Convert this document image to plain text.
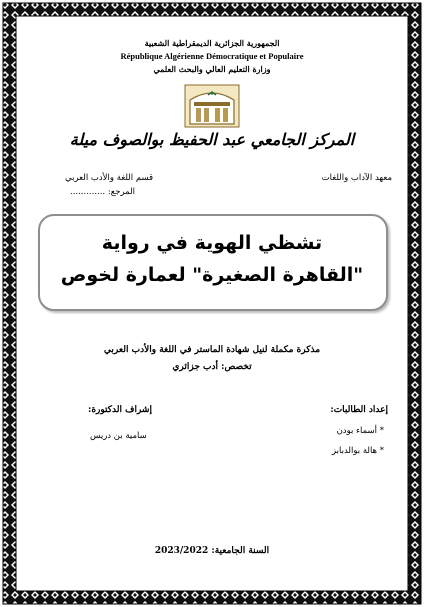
الجمهورية الجزائرية الديمقراطية الشعبية

République Algérienne Démocratique et Populaire

وزارة التعليم العالي والبحث العلمي

المركز الجامعي عبد الحفيظ بوالصوف ميلة

معهد الآداب واللغات

قسم اللغة والأدب العربي

المرجع: .............

تشظي الهوية في رواية

"القاهرة الصغيرة" لعمارة لخوص

مذكرة مكملة لنيل شهادة الماستر في اللغة والأدب العربي

تخصص: أدب جزائري

إعداد الطالبات:

* أسماء بودن

* هالة بوالدبابز

إشراف الدكتورة:

سامية بن دريس

السنة الجامعية: 2023/2022
